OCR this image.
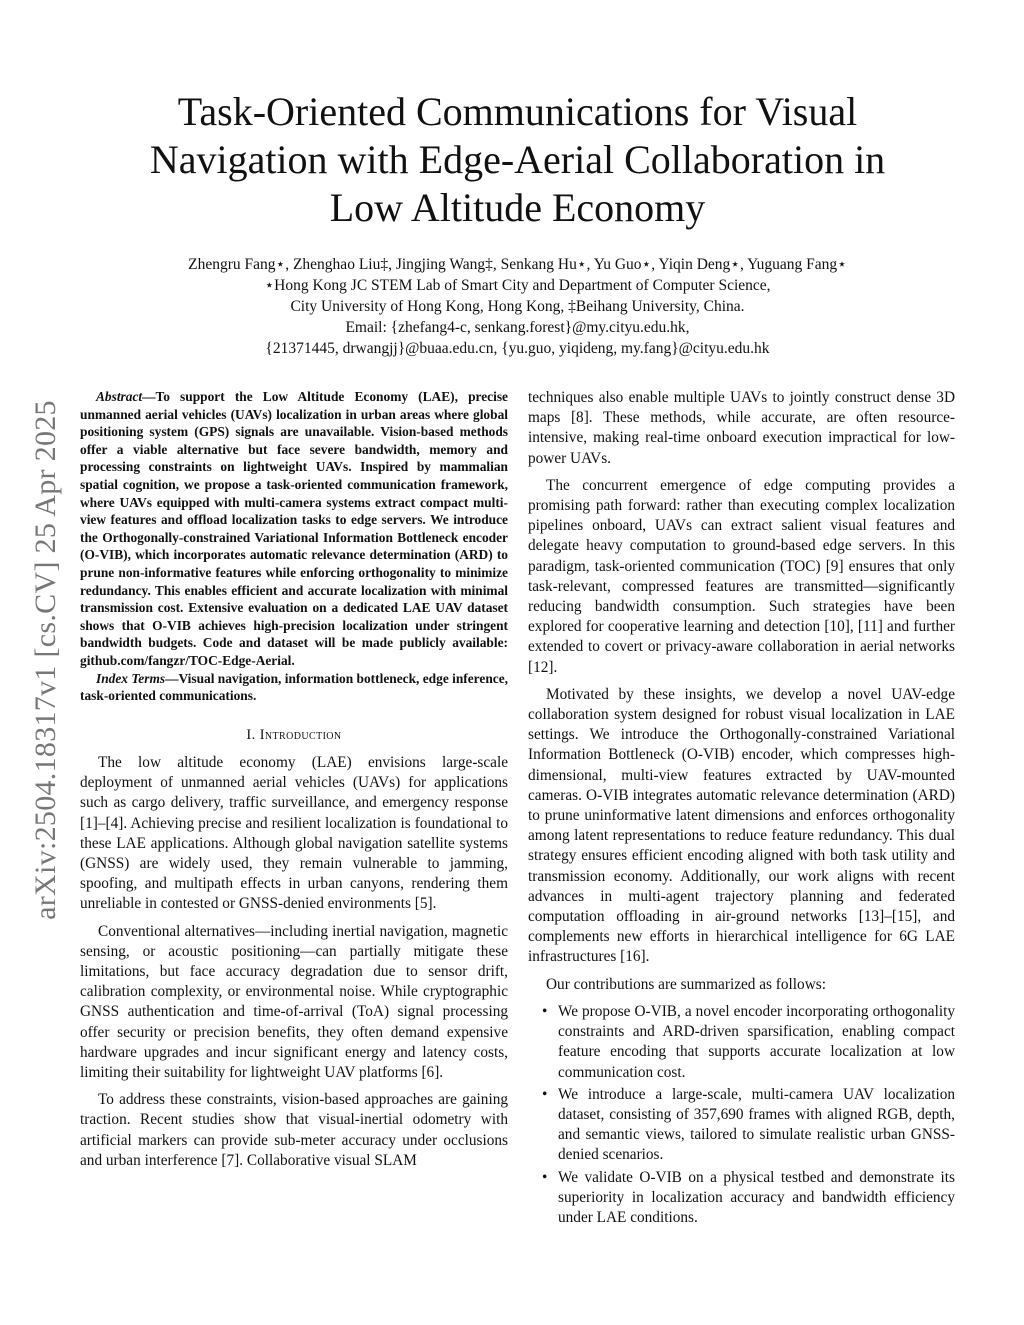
arXiv:2504.18317v1 [cs.CV] 25 Apr 2025
Task-Oriented Communications for Visual
Navigation with Edge-Aerial Collaboration in
Low Altitude Economy
Zhengru Fang⋆, Zhenghao Liu‡, Jingjing Wang‡, Senkang Hu⋆, Yu Guo⋆, Yiqin Deng⋆, Yuguang Fang⋆
⋆Hong Kong JC STEM Lab of Smart City and Department of Computer Science,
City University of Hong Kong, Hong Kong, ‡Beihang University, China.
Email: {zhefang4-c, senkang.forest}@my.cityu.edu.hk,
{21371445, drwangjj}@buaa.edu.cn, {yu.guo, yiqideng, my.fang}@cityu.edu.hk

Abstract—To support the Low Altitude Economy (LAE), precise unmanned aerial vehicles (UAVs) localization in urban areas where global positioning system (GPS) signals are unavailable. Vision-based methods offer a viable alternative but face severe bandwidth, memory and processing constraints on lightweight UAVs. Inspired by mammalian spatial cognition, we propose a task-oriented communication framework, where UAVs equipped with multi-camera systems extract compact multi-view features and offload localization tasks to edge servers. We introduce the Orthogonally-constrained Variational Information Bottleneck encoder (O-VIB), which incorporates automatic relevance determination (ARD) to prune non-informative features while enforcing orthogonality to minimize redundancy. This enables efficient and accurate localization with minimal transmission cost. Extensive evaluation on a dedicated LAE UAV dataset shows that O-VIB achieves high-precision localization under stringent bandwidth budgets. Code and dataset will be made publicly available: github.com/fangzr/TOC-Edge-Aerial.

Index Terms—Visual navigation, information bottleneck, edge inference, task-oriented communications.

I. Introduction

The low altitude economy (LAE) envisions large-scale deployment of unmanned aerial vehicles (UAVs) for applications such as cargo delivery, traffic surveillance, and emergency response [1]–[4]. Achieving precise and resilient localization is foundational to these LAE applications. Although global navigation satellite systems (GNSS) are widely used, they remain vulnerable to jamming, spoofing, and multipath effects in urban canyons, rendering them unreliable in contested or GNSS-denied environments [5].

Conventional alternatives—including inertial navigation, magnetic sensing, or acoustic positioning—can partially mitigate these limitations, but face accuracy degradation due to sensor drift, calibration complexity, or environmental noise. While cryptographic GNSS authentication and time-of-arrival (ToA) signal processing offer security or precision benefits, they often demand expensive hardware upgrades and incur significant energy and latency costs, limiting their suitability for lightweight UAV platforms [6].

To address these constraints, vision-based approaches are gaining traction. Recent studies show that visual-inertial odometry with artificial markers can provide sub-meter accuracy under occlusions and urban interference [7]. Collaborative visual SLAM

techniques also enable multiple UAVs to jointly construct dense 3D maps [8]. These methods, while accurate, are often resource-intensive, making real-time onboard execution impractical for low-power UAVs.

The concurrent emergence of edge computing provides a promising path forward: rather than executing complex localization pipelines onboard, UAVs can extract salient visual features and delegate heavy computation to ground-based edge servers. In this paradigm, task-oriented communication (TOC) [9] ensures that only task-relevant, compressed features are transmitted—significantly reducing bandwidth consumption. Such strategies have been explored for cooperative learning and detection [10], [11] and further extended to covert or privacy-aware collaboration in aerial networks [12].

Motivated by these insights, we develop a novel UAV-edge collaboration system designed for robust visual localization in LAE settings. We introduce the Orthogonally-constrained Variational Information Bottleneck (O-VIB) encoder, which compresses high-dimensional, multi-view features extracted by UAV-mounted cameras. O-VIB integrates automatic relevance determination (ARD) to prune uninformative latent dimensions and enforces orthogonality among latent representations to reduce feature redundancy. This dual strategy ensures efficient encoding aligned with both task utility and transmission economy. Additionally, our work aligns with recent advances in multi-agent trajectory planning and federated computation offloading in air-ground networks [13]–[15], and complements new efforts in hierarchical intelligence for 6G LAE infrastructures [16].

Our contributions are summarized as follows:

• We propose O-VIB, a novel encoder incorporating orthogonality constraints and ARD-driven sparsification, enabling compact feature encoding that supports accurate localization at low communication cost.
• We introduce a large-scale, multi-camera UAV localization dataset, consisting of 357,690 frames with aligned RGB, depth, and semantic views, tailored to simulate realistic urban GNSS-denied scenarios.
• We validate O-VIB on a physical testbed and demonstrate its superiority in localization accuracy and bandwidth efficiency under LAE conditions.
